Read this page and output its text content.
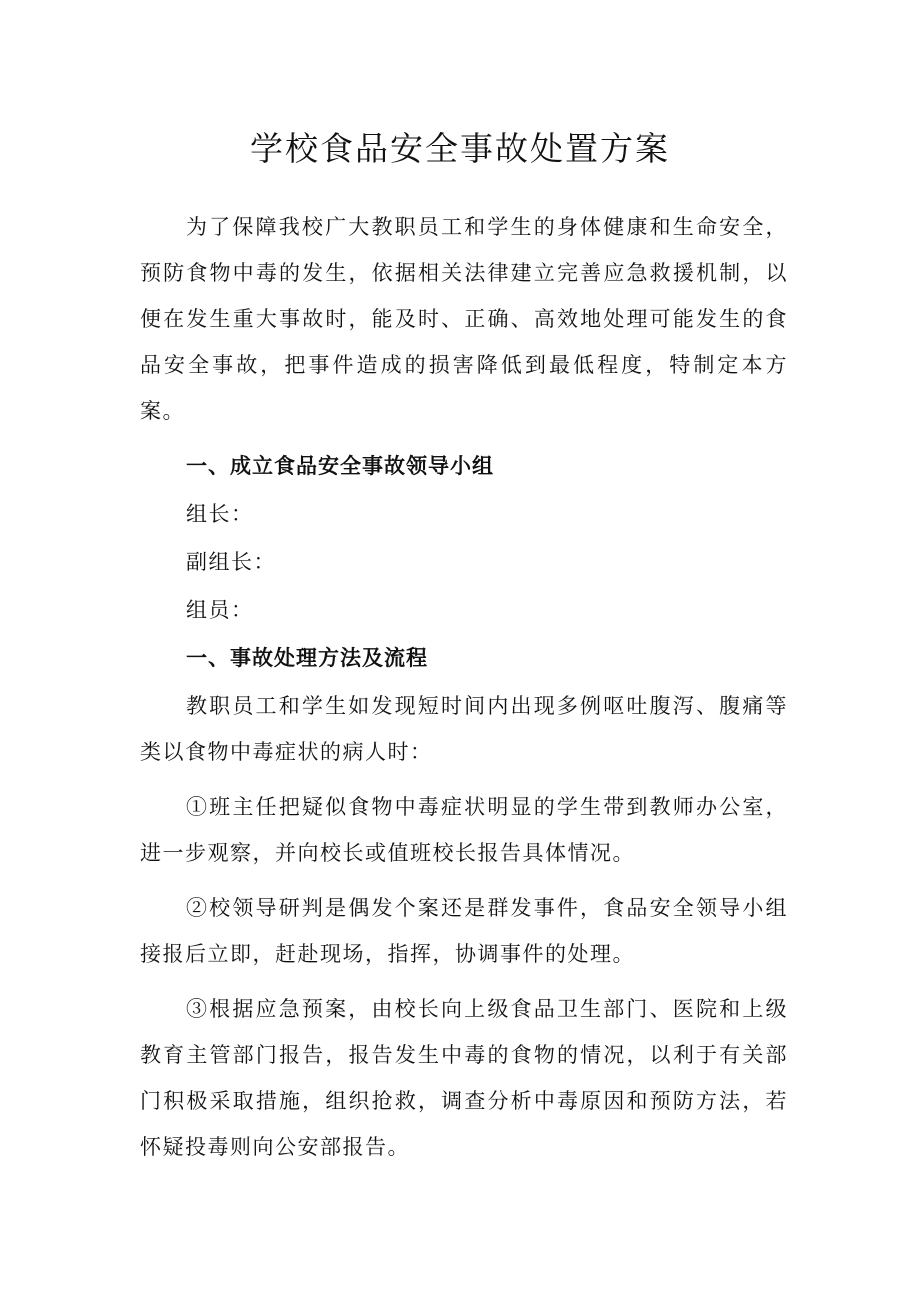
学校食品安全事故处置方案

为了保障我校广大教职员工和学生的身体健康和生命安全，预防食物中毒的发生，依据相关法律建立完善应急救援机制，以便在发生重大事故时，能及时、正确、高效地处理可能发生的食品安全事故，把事件造成的损害降低到最低程度，特制定本方案。

一、成立食品安全事故领导小组

组长：

副组长：

组员：

一、事故处理方法及流程

教职员工和学生如发现短时间内出现多例呕吐腹泻、腹痛等类以食物中毒症状的病人时：

①班主任把疑似食物中毒症状明显的学生带到教师办公室，进一步观察，并向校长或值班校长报告具体情况。

②校领导研判是偶发个案还是群发事件，食品安全领导小组接报后立即，赶赴现场，指挥，协调事件的处理。

③根据应急预案，由校长向上级食品卫生部门、医院和上级教育主管部门报告，报告发生中毒的食物的情况，以利于有关部门积极采取措施，组织抢救，调查分析中毒原因和预防方法，若怀疑投毒则向公安部报告。
